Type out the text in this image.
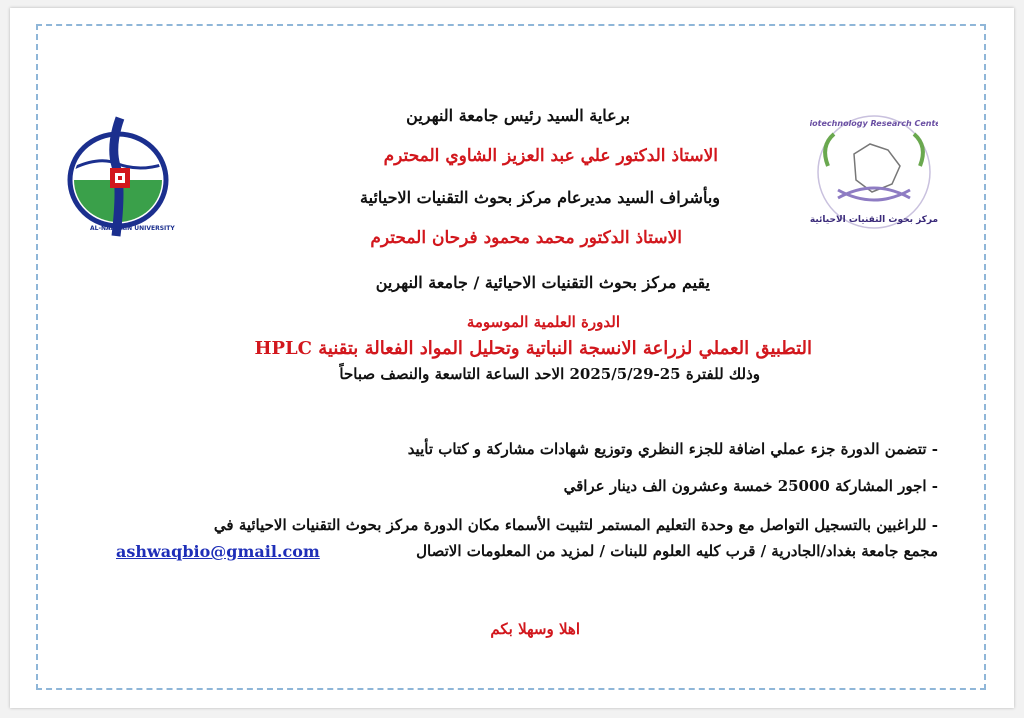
AL-NAHRAIN UNIVERSITY
Biotechnology Research Center
مركز بحوث التقنيات الاحيائية
برعاية السيد رئيس جامعة النهرين
الاستاذ الدكتور علي عبد العزيز الشاوي المحترم
وبأشراف السيد مديرعام مركز بحوث التقنيات الاحيائية
الاستاذ الدكتور محمد محمود فرحان المحترم
يقيم مركز بحوث التقنيات الاحيائية / جامعة النهرين
الدورة العلمية الموسومة
التطبيق العملي لزراعة الانسجة النباتية وتحليل المواد الفعالة بتقنية HPLC
وذلك للفترة 25-2025/5/29 الاحد الساعة التاسعة والنصف صباحاً
- تتضمن الدورة جزء عملي اضافة للجزء النظري وتوزيع شهادات مشاركة و كتاب تأييد
- اجور المشاركة 25000 خمسة وعشرون الف دينار عراقي
- للراغبين بالتسجيل التواصل مع وحدة التعليم المستمر لتثبيت الأسماء مكان الدورة مركز بحوث التقنيات الاحيائية في
مجمع جامعة بغداد/الجادرية / قرب كليه العلوم للبنات / لمزيد من المعلومات الاتصال
ashwaqbio@gmail.com
اهلا وسهلا بكم
